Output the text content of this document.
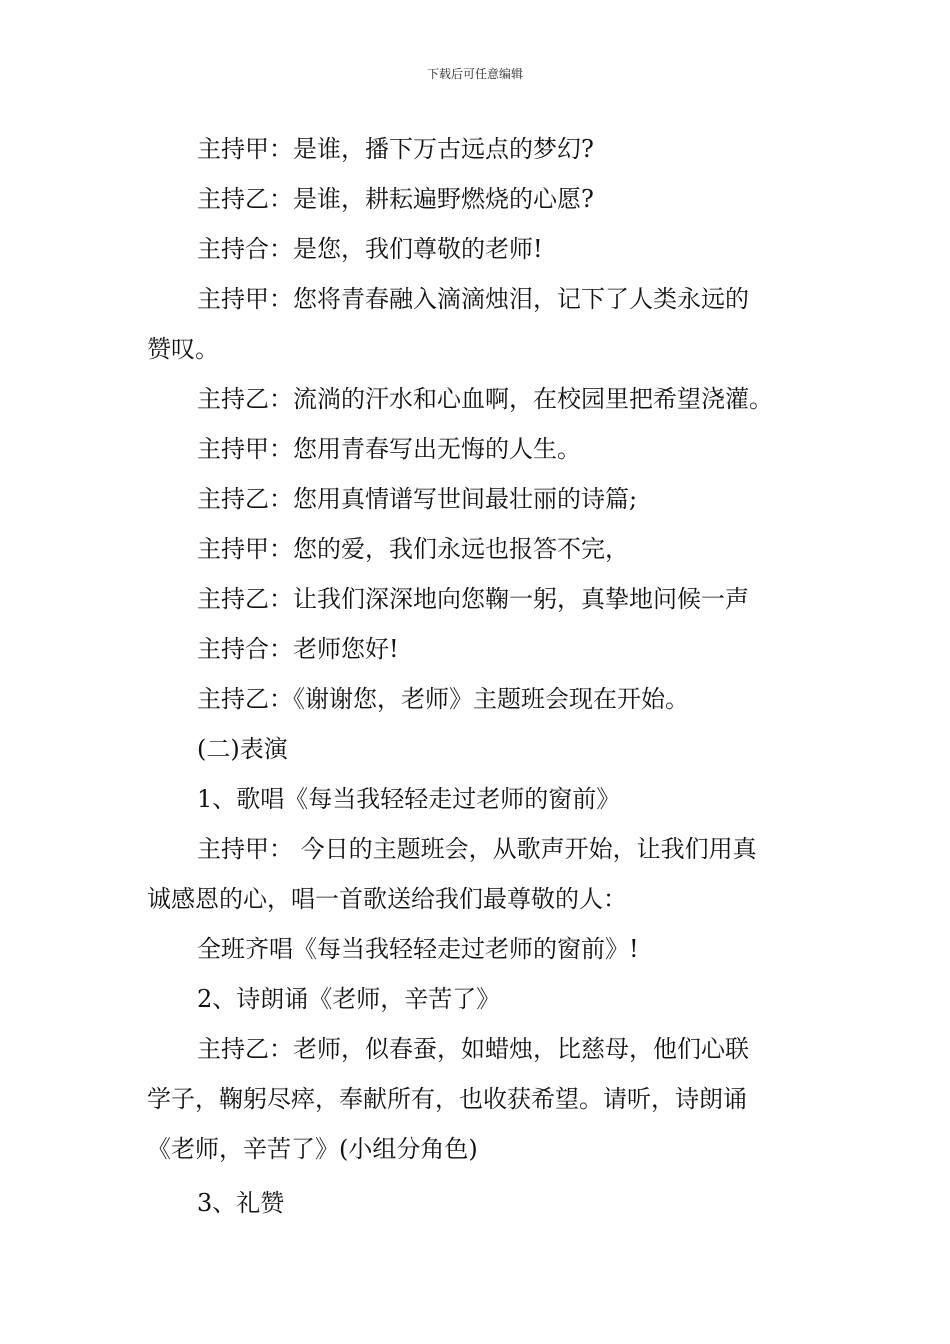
下载后可任意编辑

主持甲：是谁，播下万古远点的梦幻?

主持乙：是谁，耕耘遍野燃烧的心愿?

主持合：是您，我们尊敬的老师!

主持甲：您将青春融入滴滴烛泪，记下了人类永远的

赞叹。

主持乙：流淌的汗水和心血啊，在校园里把希望浇灌。

主持甲：您用青春写出无悔的人生。

主持乙：您用真情谱写世间最壮丽的诗篇;

主持甲：您的爱，我们永远也报答不完，

主持乙：让我们深深地向您鞠一躬，真挚地问候一声

主持合：老师您好!

主持乙：《谢谢您，老师》主题班会现在开始。

(二)表演

1、歌唱《每当我轻轻走过老师的窗前》

主持甲： 今日的主题班会，从歌声开始，让我们用真

诚感恩的心，唱一首歌送给我们最尊敬的人：

全班齐唱《每当我轻轻走过老师的窗前》!

2、诗朗诵《老师，辛苦了》

主持乙：老师，似春蚕，如蜡烛，比慈母，他们心联

学子，鞠躬尽瘁，奉献所有，也收获希望。请听，诗朗诵

《老师，辛苦了》(小组分角色)

3、礼赞
